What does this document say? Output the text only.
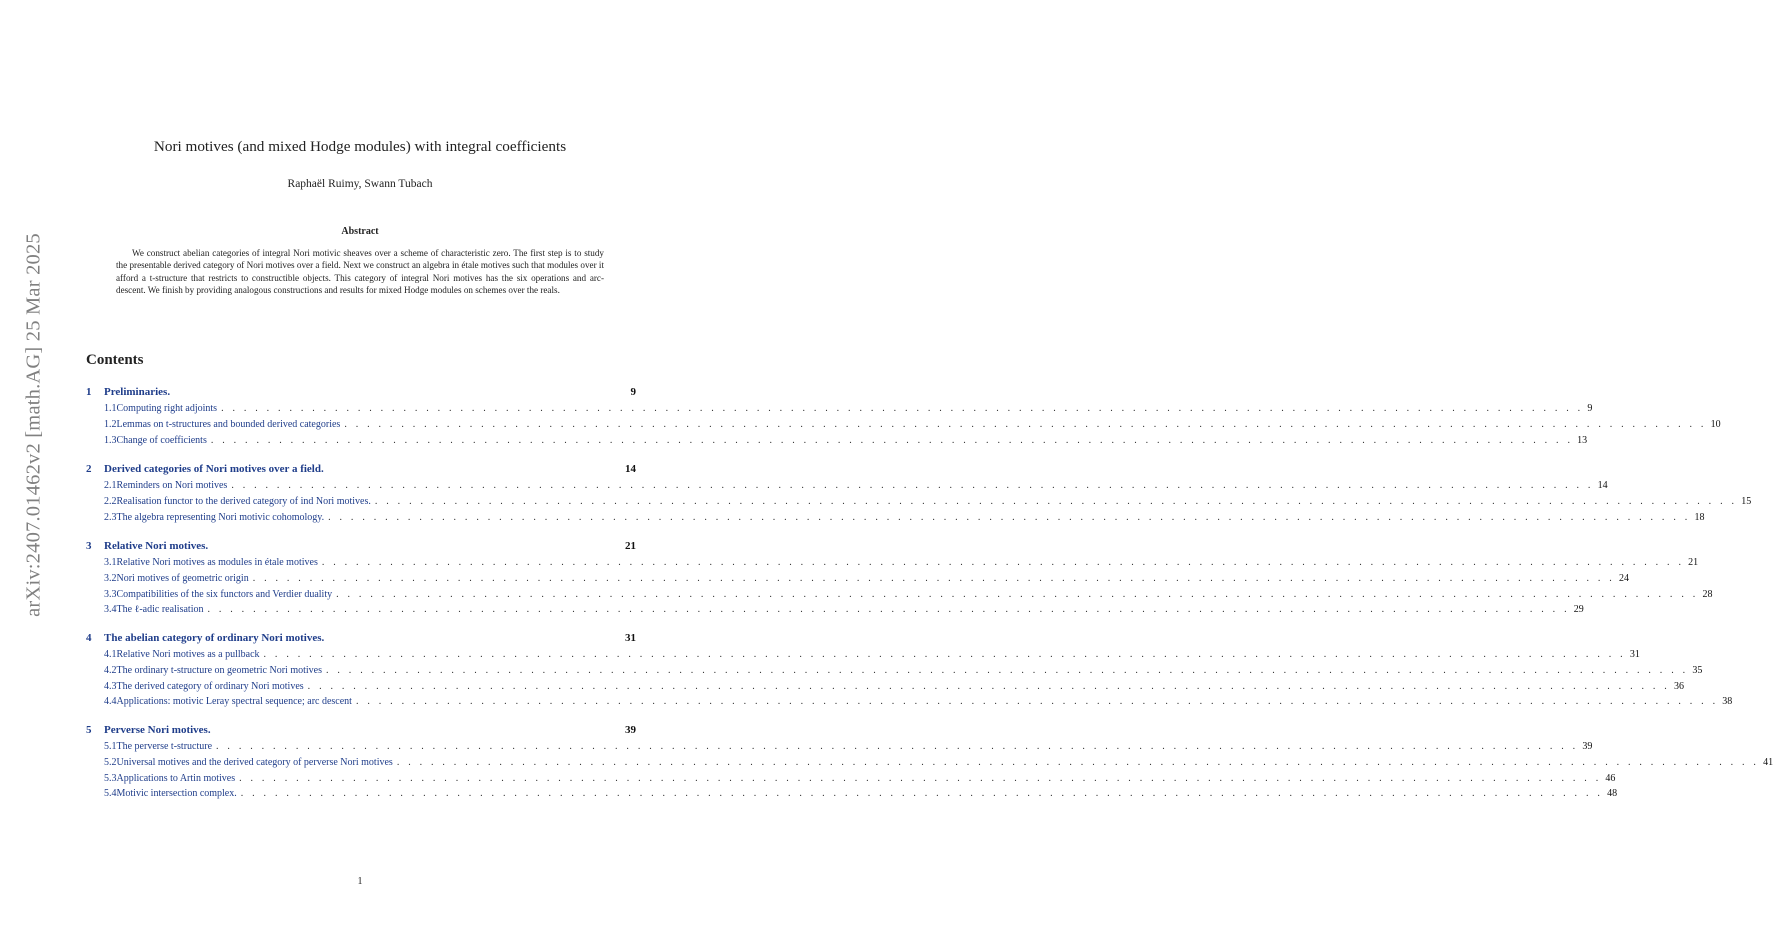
arXiv:2407.01462v2 [math.AG] 25 Mar 2025
Nori motives (and mixed Hodge modules) with integral coefficients
Raphaël Ruimy, Swann Tubach
Abstract
We construct abelian categories of integral Nori motivic sheaves over a scheme of characteristic zero. The first step is to study the presentable derived category of Nori motives over a field. Next we construct an algebra in étale motives such that modules over it afford a t-structure that restricts to constructible objects. This category of integral Nori motives has the six operations and arc-descent. We finish by providing analogous constructions and results for mixed Hodge modules on schemes over the reals.
Contents
1	Preliminaries.	9
1.1 Computing right adjoints . . . . . . . . . . . . . . . . . . . . . . . . . . . . . . . . . . . . . . . . . . . . . . . . . . . . . . . . . . . . . . . . . . . . . . . . . . . . . . . . . . . . . . . . . . . . . . . . . . . . . . . . . . . . . . . . . . . . . . . . 9
1.2 Lemmas on t-structures and bounded derived categories . . . . . . . . . . . . . . . . . . . . . . . . . . . . . . . . . . . . . . . . . . . . . . . . . . . . . . . . . . . . . . . . . . . . . . . . . . . . . . . . . . . . . . . . . . . . . . . . . . . . . . . . . . . . . . . . . . . . . . . . 10
1.3 Change of coefficients . . . . . . . . . . . . . . . . . . . . . . . . . . . . . . . . . . . . . . . . . . . . . . . . . . . . . . . . . . . . . . . . . . . . . . . . . . . . . . . . . . . . . . . . . . . . . . . . . . . . . . . . . . . . . . . . . . . . . . . . 13
2	Derived categories of Nori motives over a field.	14
2.1 Reminders on Nori motives . . . . . . . . . . . . . . . . . . . . . . . . . . . . . . . . . . . . . . . . . . . . . . . . . . . . . . . . . . . . . . . . . . . . . . . . . . . . . . . . . . . . . . . . . . . . . . . . . . . . . . . . . . . . . . . . . . . . . . . . 14
2.2 Realisation functor to the derived category of ind Nori motives. . . . . . . . . . . . . . . . . . . . . . . . . . . . . . . . . . . . . . . . . . . . . . . . . . . . . . . . . . . . . . . . . . . . . . . . . . . . . . . . . . . . . . . . . . . . . . . . . . . . . . . . . . . . . . . . . . . . . . . . . 15
2.3 The algebra representing Nori motivic cohomology. . . . . . . . . . . . . . . . . . . . . . . . . . . . . . . . . . . . . . . . . . . . . . . . . . . . . . . . . . . . . . . . . . . . . . . . . . . . . . . . . . . . . . . . . . . . . . . . . . . . . . . . . . . . . . . . . . . . . . . . . 18
3	Relative Nori motives.	21
3.1 Relative Nori motives as modules in étale motives . . . . . . . . . . . . . . . . . . . . . . . . . . . . . . . . . . . . . . . . . . . . . . . . . . . . . . . . . . . . . . . . . . . . . . . . . . . . . . . . . . . . . . . . . . . . . . . . . . . . . . . . . . . . . . . . . . . . . . . . 21
3.2 Nori motives of geometric origin . . . . . . . . . . . . . . . . . . . . . . . . . . . . . . . . . . . . . . . . . . . . . . . . . . . . . . . . . . . . . . . . . . . . . . . . . . . . . . . . . . . . . . . . . . . . . . . . . . . . . . . . . . . . . . . . . . . . . . . . 24
3.3 Compatibilities of the six functors and Verdier duality . . . . . . . . . . . . . . . . . . . . . . . . . . . . . . . . . . . . . . . . . . . . . . . . . . . . . . . . . . . . . . . . . . . . . . . . . . . . . . . . . . . . . . . . . . . . . . . . . . . . . . . . . . . . . . . . . . . . . . . . 28
3.4 The ℓ-adic realisation . . . . . . . . . . . . . . . . . . . . . . . . . . . . . . . . . . . . . . . . . . . . . . . . . . . . . . . . . . . . . . . . . . . . . . . . . . . . . . . . . . . . . . . . . . . . . . . . . . . . . . . . . . . . . . . . . . . . . . . . 29
4	The abelian category of ordinary Nori motives.	31
4.1 Relative Nori motives as a pullback . . . . . . . . . . . . . . . . . . . . . . . . . . . . . . . . . . . . . . . . . . . . . . . . . . . . . . . . . . . . . . . . . . . . . . . . . . . . . . . . . . . . . . . . . . . . . . . . . . . . . . . . . . . . . . . . . . . . . . . . 31
4.2 The ordinary t-structure on geometric Nori motives . . . . . . . . . . . . . . . . . . . . . . . . . . . . . . . . . . . . . . . . . . . . . . . . . . . . . . . . . . . . . . . . . . . . . . . . . . . . . . . . . . . . . . . . . . . . . . . . . . . . . . . . . . . . . . . . . . . . . . . . 35
4.3 The derived category of ordinary Nori motives . . . . . . . . . . . . . . . . . . . . . . . . . . . . . . . . . . . . . . . . . . . . . . . . . . . . . . . . . . . . . . . . . . . . . . . . . . . . . . . . . . . . . . . . . . . . . . . . . . . . . . . . . . . . . . . . . . . . . . . . 36
4.4 Applications: motivic Leray spectral sequence; arc descent . . . . . . . . . . . . . . . . . . . . . . . . . . . . . . . . . . . . . . . . . . . . . . . . . . . . . . . . . . . . . . . . . . . . . . . . . . . . . . . . . . . . . . . . . . . . . . . . . . . . . . . . . . . . . . . . . . . . . . . . 38
5	Perverse Nori motives.	39
5.1 The perverse t-structure . . . . . . . . . . . . . . . . . . . . . . . . . . . . . . . . . . . . . . . . . . . . . . . . . . . . . . . . . . . . . . . . . . . . . . . . . . . . . . . . . . . . . . . . . . . . . . . . . . . . . . . . . . . . . . . . . . . . . . . . 39
5.2 Universal motives and the derived category of perverse Nori motives . . . . . . . . . . . . . . . . . . . . . . . . . . . . . . . . . . . . . . . . . . . . . . . . . . . . . . . . . . . . . . . . . . . . . . . . . . . . . . . . . . . . . . . . . . . . . . . . . . . . . . . . . . . . . . . . . . . . . . . . 41
5.3 Applications to Artin motives . . . . . . . . . . . . . . . . . . . . . . . . . . . . . . . . . . . . . . . . . . . . . . . . . . . . . . . . . . . . . . . . . . . . . . . . . . . . . . . . . . . . . . . . . . . . . . . . . . . . . . . . . . . . . . . . . . . . . . . . 46
5.4 Motivic intersection complex. . . . . . . . . . . . . . . . . . . . . . . . . . . . . . . . . . . . . . . . . . . . . . . . . . . . . . . . . . . . . . . . . . . . . . . . . . . . . . . . . . . . . . . . . . . . . . . . . . . . . . . . . . . . . . . . . . . . . . . . . 48
1
